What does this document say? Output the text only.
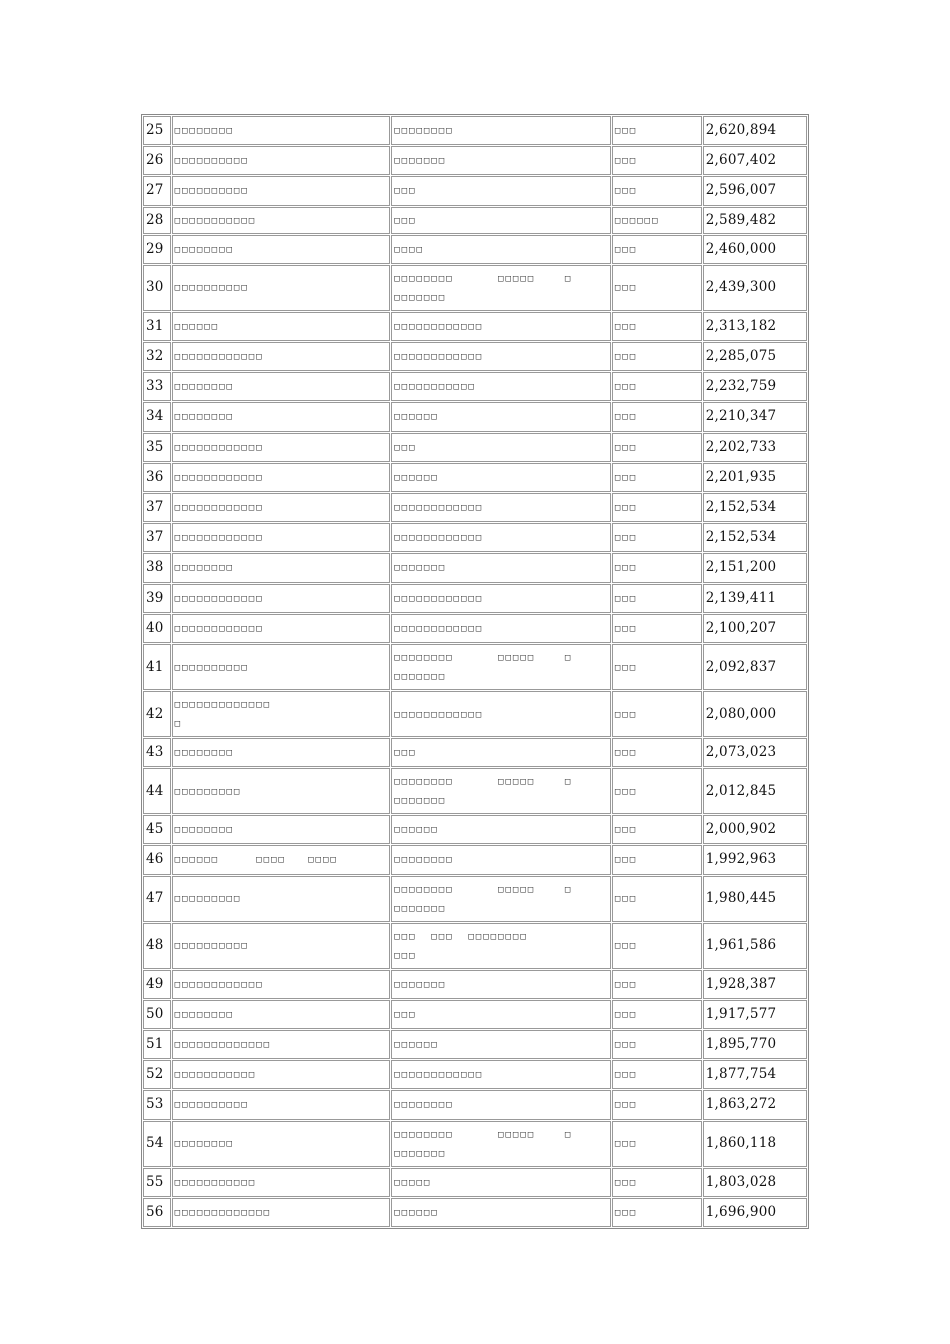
25	□□□□□□□□	□□□□□□□□	□□□	2,620,894
26	□□□□□□□□□□	□□□□□□□	□□□	2,607,402
27	□□□□□□□□□□	□□□	□□□	2,596,007
28	□□□□□□□□□□□	□□□	□□□□□□	2,589,482
29	□□□□□□□□	□□□□	□□□	2,460,000
30	□□□□□□□□□□	□□□□□□□□      □□□□□    □
□□□□□□□	□□□	2,439,300
31	□□□□□□	□□□□□□□□□□□□	□□□	2,313,182
32	□□□□□□□□□□□□	□□□□□□□□□□□□	□□□	2,285,075
33	□□□□□□□□	□□□□□□□□□□□	□□□	2,232,759
34	□□□□□□□□	□□□□□□	□□□	2,210,347
35	□□□□□□□□□□□□	□□□	□□□	2,202,733
36	□□□□□□□□□□□□	□□□□□□	□□□	2,201,935
37	□□□□□□□□□□□□	□□□□□□□□□□□□	□□□	2,152,534
37	□□□□□□□□□□□□	□□□□□□□□□□□□	□□□	2,152,534
38	□□□□□□□□	□□□□□□□	□□□	2,151,200
39	□□□□□□□□□□□□	□□□□□□□□□□□□	□□□	2,139,411
40	□□□□□□□□□□□□	□□□□□□□□□□□□	□□□	2,100,207
41	□□□□□□□□□□	□□□□□□□□      □□□□□    □
□□□□□□□	□□□	2,092,837
42	□□□□□□□□□□□□□
□	□□□□□□□□□□□□	□□□	2,080,000
43	□□□□□□□□	□□□	□□□	2,073,023
44	□□□□□□□□□	□□□□□□□□      □□□□□    □
□□□□□□□	□□□	2,012,845
45	□□□□□□□□	□□□□□□	□□□	2,000,902
46	□□□□□□     □□□□   □□□□	□□□□□□□□	□□□	1,992,963
47	□□□□□□□□□	□□□□□□□□      □□□□□    □
□□□□□□□	□□□	1,980,445
48	□□□□□□□□□□	□□□  □□□  □□□□□□□□
□□□	□□□	1,961,586
49	□□□□□□□□□□□□	□□□□□□□	□□□	1,928,387
50	□□□□□□□□	□□□	□□□	1,917,577
51	□□□□□□□□□□□□□	□□□□□□	□□□	1,895,770
52	□□□□□□□□□□□	□□□□□□□□□□□□	□□□	1,877,754
53	□□□□□□□□□□	□□□□□□□□	□□□	1,863,272
54	□□□□□□□□	□□□□□□□□      □□□□□    □
□□□□□□□	□□□	1,860,118
55	□□□□□□□□□□□	□□□□□	□□□	1,803,028
56	□□□□□□□□□□□□□	□□□□□□	□□□	1,696,900
